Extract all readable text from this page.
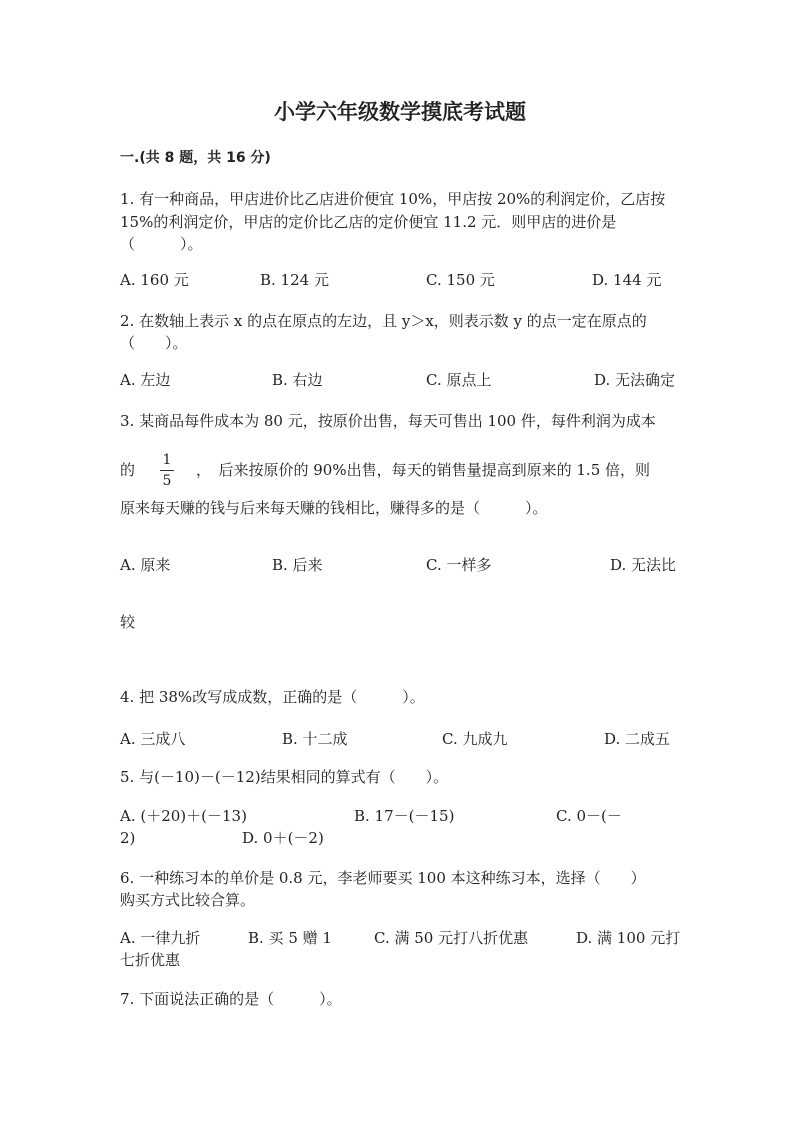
小学六年级数学摸底考试题
一.(共 8 题，共 16 分)
1. 有一种商品，甲店进价比乙店进价便宜 10%，甲店按 20%的利润定价，乙店按
15%的利润定价，甲店的定价比乙店的定价便宜 11.2 元．则甲店的进价是
（　　　）。
A. 160 元	B. 124 元	C. 150 元	D. 144 元
2. 在数轴上表示 x 的点在原点的左边，且 y＞x，则表示数 y 的点一定在原点的
（　　）。
A. 左边	B. 右边	C. 原点上	D. 无法确定
3. 某商品每件成本为 80 元，按原价出售，每天可售出 100 件，每件利润为成本
的 $\frac{1}{5}$ ，　后来按原价的 90%出售，每天的销售量提高到原来的 1.5 倍，则
原来每天赚的钱与后来每天赚的钱相比，赚得多的是（　　　）。
A. 原来	B. 后来	C. 一样多	D. 无法比
较
4. 把 38%改写成成数，正确的是（　　　）。
A. 三成八	B. 十二成	C. 九成九	D. 二成五
5. 与(－10)－(－12)结果相同的算式有（　　）。
A. (＋20)＋(－13)	B. 17－(－15)	C. 0－(－
2)	D. 0＋(－2)
6. 一种练习本的单价是 0.8 元，李老师要买 100 本这种练习本，选择（　　）
购买方式比较合算。
A. 一律九折	B. 买 5 赠 1	C. 满 50 元打八折优惠	D. 满 100 元打
七折优惠
7. 下面说法正确的是（　　　）。
